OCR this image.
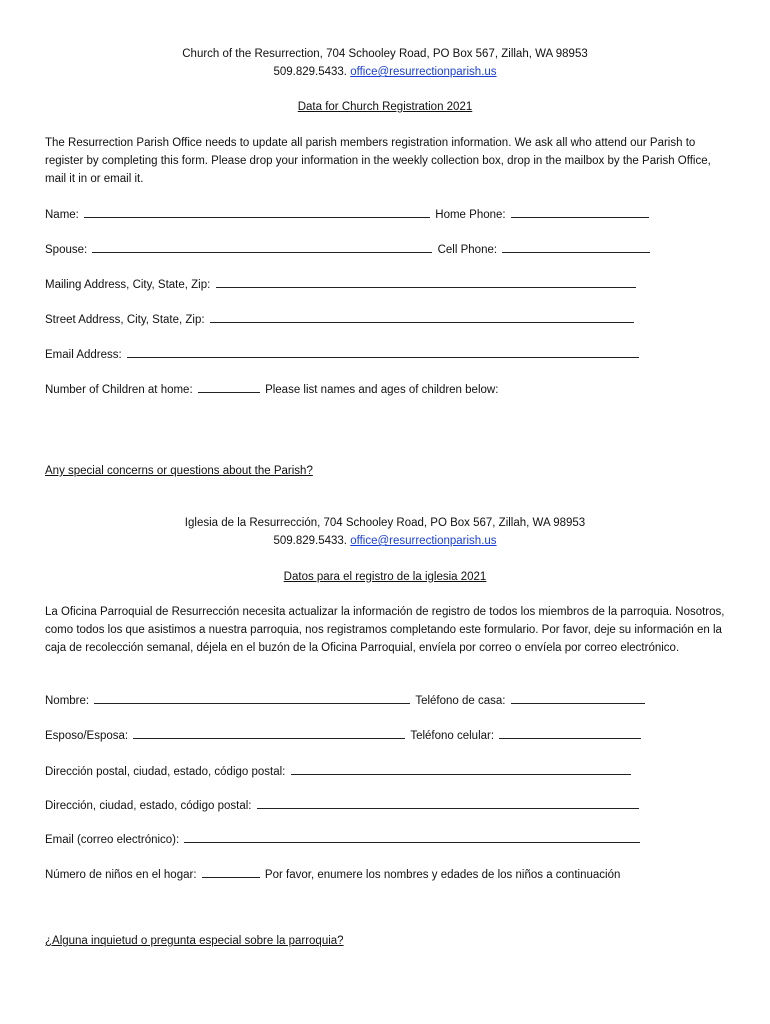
Church of the Resurrection, 704 Schooley Road, PO Box 567, Zillah, WA 98953
509.829.5433. office@resurrectionparish.us
Data for Church Registration 2021
The Resurrection Parish Office needs to update all parish members registration information. We ask all who attend our Parish to register by completing this form. Please drop your information in the weekly collection box, drop in the mailbox by the Parish Office, mail it in or email it.
Name:	Home Phone:
Spouse:	Cell Phone:
Mailing Address, City, State, Zip:
Street Address, City, State, Zip:
Email Address:
Number of Children at home:	Please list names and ages of children below:
Any special concerns or questions about the Parish?
Iglesia de la Resurrección, 704 Schooley Road, PO Box 567, Zillah, WA 98953
509.829.5433. office@resurrectionparish.us
Datos para el registro de la iglesia 2021
La Oficina Parroquial de Resurrección necesita actualizar la información de registro de todos los miembros de la parroquia. Nosotros, como todos los que asistimos a nuestra parroquia, nos registramos completando este formulario. Por favor, deje su información en la caja de recolección semanal, déjela en el buzón de la Oficina Parroquial, envíela por correo o envíela por correo electrónico.
Nombre:	Teléfono de casa:
Esposo/Esposa:	Teléfono celular:
Dirección postal, ciudad, estado, código postal:
Dirección, ciudad, estado, código postal:
Email (correo electrónico):
Número de niños en el hogar:	Por favor, enumere los nombres y edades de los niños a continuación
¿Alguna inquietud o pregunta especial sobre la parroquia?
